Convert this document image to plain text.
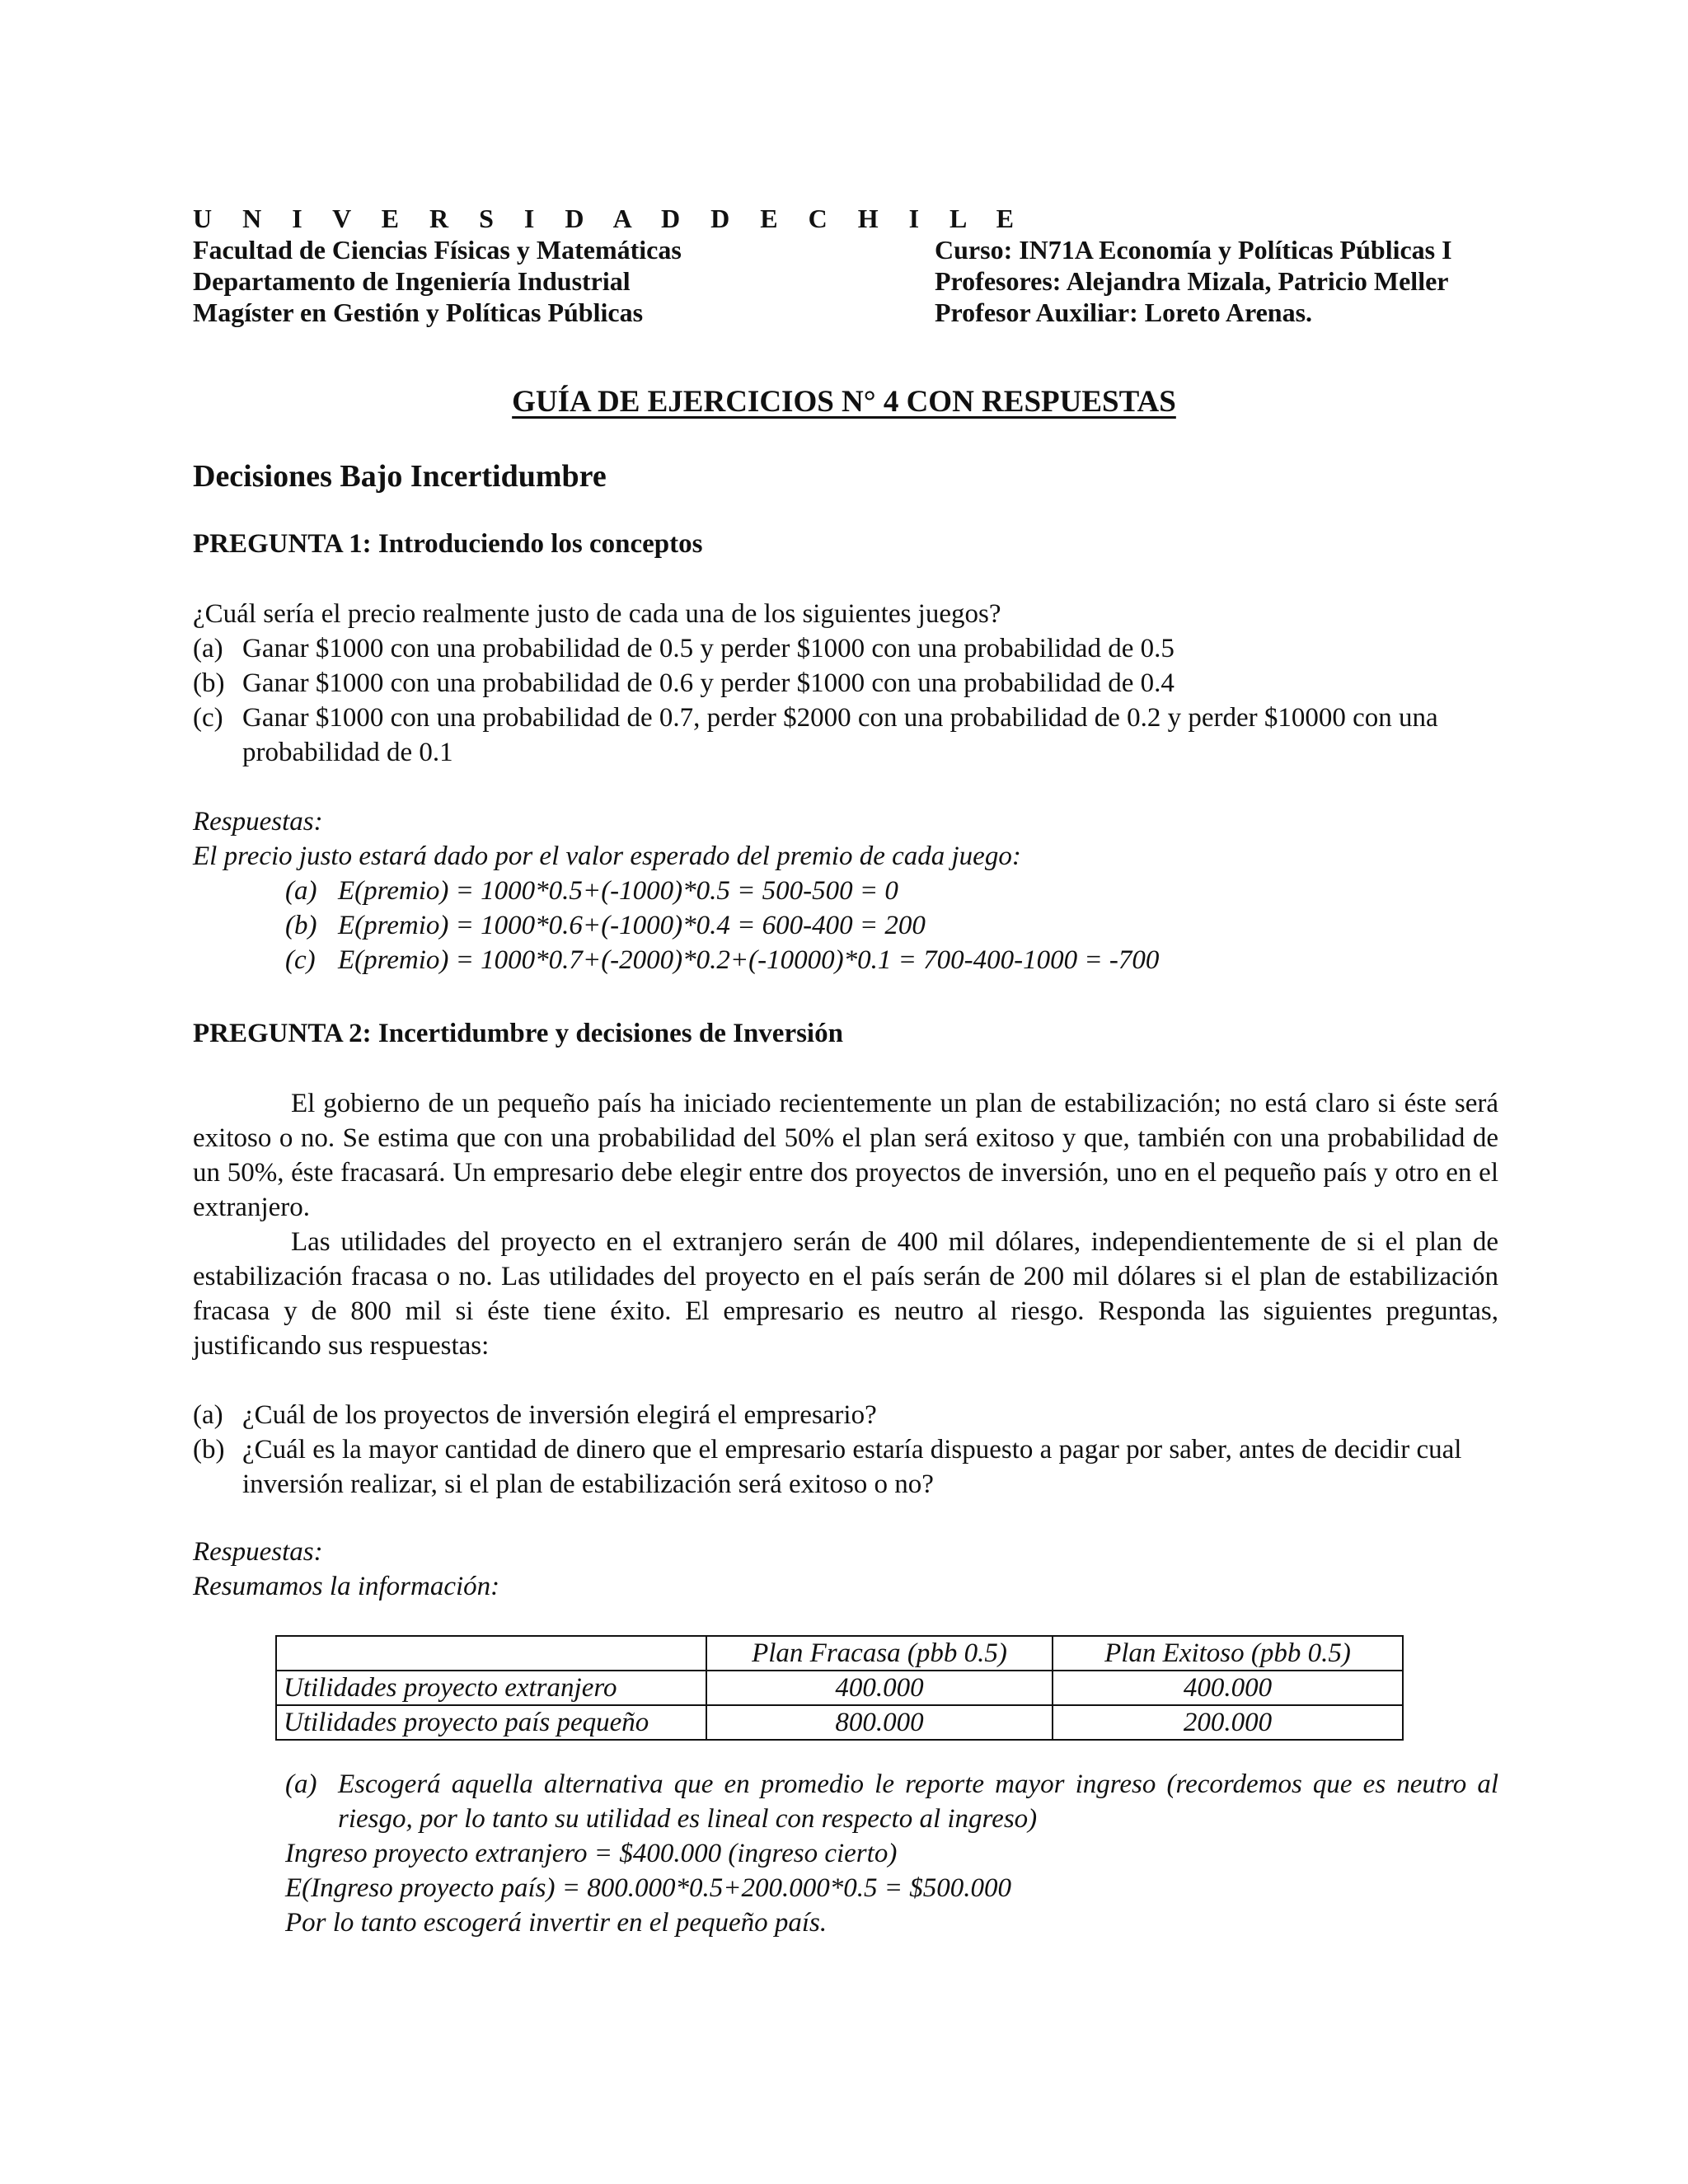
U N I V E R S I D A D D E C H I L E
Facultad de Ciencias Físicas y Matemáticas
Departamento de Ingeniería Industrial
Magíster en Gestión y Políticas Públicas
Curso: IN71A Economía y Políticas Públicas I
Profesores: Alejandra Mizala, Patricio Meller
Profesor Auxiliar: Loreto Arenas.
GUÍA DE EJERCICIOS N° 4 CON RESPUESTAS
Decisiones Bajo Incertidumbre
PREGUNTA 1: Introduciendo los conceptos

¿Cuál sería el precio realmente justo de cada una de los siguientes juegos?

(a) Ganar $1000 con una probabilidad de 0.5 y perder $1000 con una probabilidad de 0.5
(b) Ganar $1000 con una probabilidad de 0.6 y perder $1000 con una probabilidad de 0.4
(c) Ganar $1000 con una probabilidad de 0.7, perder $2000 con una probabilidad de 0.2 y perder $10000 con una probabilidad de 0.1

Respuestas:

El precio justo estará dado por el valor esperado del premio de cada juego:

(a) E(premio) = 1000*0.5+(-1000)*0.5 = 500-500 = 0
(b) E(premio) = 1000*0.6+(-1000)*0.4 = 600-400 = 200
(c) E(premio) = 1000*0.7+(-2000)*0.2+(-10000)*0.1 = 700-400-1000 = -700
PREGUNTA 2: Incertidumbre y decisiones de Inversión

El gobierno de un pequeño país ha iniciado recientemente un plan de estabilización; no está claro si éste será exitoso o no. Se estima que con una probabilidad del 50% el plan será exitoso y que, también con una probabilidad de un 50%, éste fracasará. Un empresario debe elegir entre dos proyectos de inversión, uno en el pequeño país y otro en el extranjero.

Las utilidades del proyecto en el extranjero serán de 400 mil dólares, independientemente de si el plan de estabilización fracasa o no. Las utilidades del proyecto en el país serán de 200 mil dólares si el plan de estabilización fracasa y de 800 mil si éste tiene éxito. El empresario es neutro al riesgo. Responda las siguientes preguntas, justificando sus respuestas:

(a) ¿Cuál de los proyectos de inversión elegirá el empresario?
(b) ¿Cuál es la mayor cantidad de dinero que el empresario estaría dispuesto a pagar por saber, antes de decidir cual inversión realizar, si el plan de estabilización será exitoso o no?

Respuestas:

Resumamos la información:

	Plan Fracasa (pbb 0.5)	Plan Exitoso (pbb 0.5)
Utilidades proyecto extranjero	400.000	400.000
Utilidades proyecto país pequeño	800.000	200.000
(a) Escogerá aquella alternativa que en promedio le reporte mayor ingreso (recordemos que es neutro al riesgo, por lo tanto su utilidad es lineal con respecto al ingreso)

Ingreso proyecto extranjero = $400.000 (ingreso cierto)

E(Ingreso proyecto país) = 800.000*0.5+200.000*0.5 = $500.000

Por lo tanto escogerá invertir en el pequeño país.
